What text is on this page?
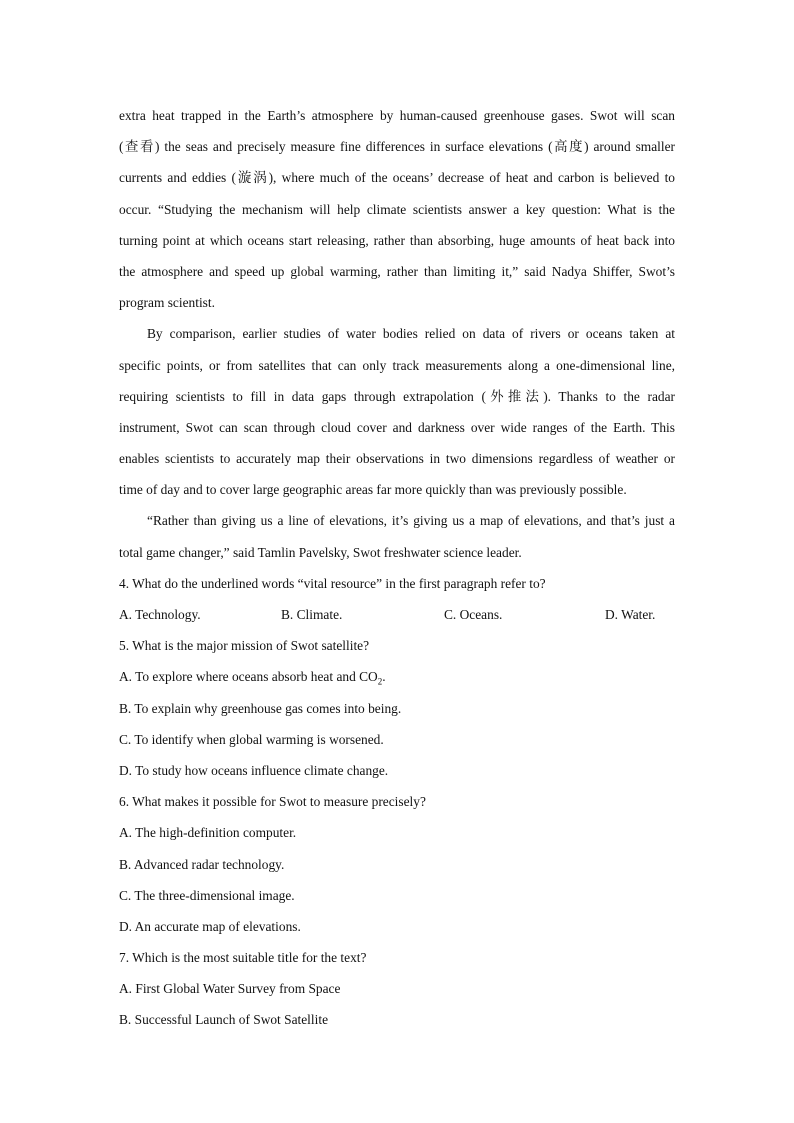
extra heat trapped in the Earth’s atmosphere by human-caused greenhouse gases. Swot will scan
(查看) the seas and precisely measure fine differences in surface elevations (高度) around smaller
currents and eddies (漩涡), where much of the oceans’ decrease of heat and carbon is believed to
occur. “Studying the mechanism will help climate scientists answer a key question: What is the
turning point at which oceans start releasing, rather than absorbing, huge amounts of heat back into
the atmosphere and speed up global warming, rather than limiting it,” said Nadya Shiffer, Swot’s
program scientist.
By comparison, earlier studies of water bodies relied on data of rivers or oceans taken at
specific points, or from satellites that can only track measurements along a one-dimensional line,
requiring scientists to fill in data gaps through extrapolation (外推法). Thanks to the radar
instrument, Swot can scan through cloud cover and darkness over wide ranges of the Earth. This
enables scientists to accurately map their observations in two dimensions regardless of weather or
time of day and to cover large geographic areas far more quickly than was previously possible.
“Rather than giving us a line of elevations, it’s giving us a map of elevations, and that’s just a
total game changer,” said Tamlin Pavelsky, Swot freshwater science leader.
4. What do the underlined words “vital resource” in the first paragraph refer to?
A. Technology.	B. Climate.	C. Oceans.	D. Water.
5. What is the major mission of Swot satellite?
A. To explore where oceans absorb heat and $CO_2$.
B. To explain why greenhouse gas comes into being.
C. To identify when global warming is worsened.
D. To study how oceans influence climate change.
6. What makes it possible for Swot to measure precisely?
A. The high-definition computer.
B. Advanced radar technology.
C. The three-dimensional image.
D. An accurate map of elevations.
7. Which is the most suitable title for the text?
A. First Global Water Survey from Space
B. Successful Launch of Swot Satellite
